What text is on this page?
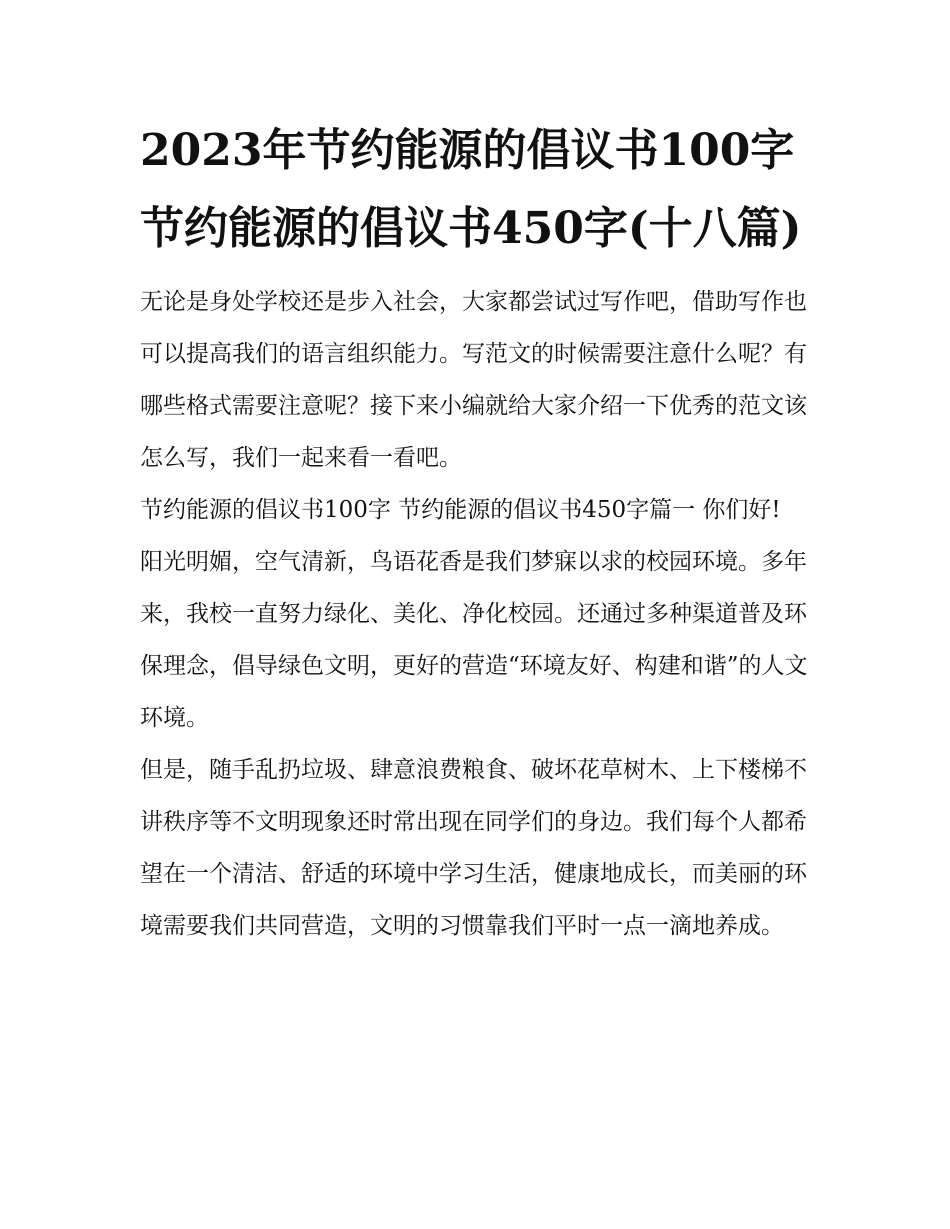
2023年节约能源的倡议书100字 节约能源的倡议书450字(十八篇)

无论是身处学校还是步入社会，大家都尝试过写作吧，借助写作也可以提高我们的语言组织能力。写范文的时候需要注意什么呢？有哪些格式需要注意呢？接下来小编就给大家介绍一下优秀的范文该怎么写，我们一起来看一看吧。

节约能源的倡议书100字 节约能源的倡议书450字篇一 你们好!

阳光明媚，空气清新，鸟语花香是我们梦寐以求的校园环境。多年来，我校一直努力绿化、美化、净化校园。还通过多种渠道普及环保理念，倡导绿色文明，更好的营造“环境友好、构建和谐”的人文环境。

但是，随手乱扔垃圾、肆意浪费粮食、破坏花草树木、上下楼梯不讲秩序等不文明现象还时常出现在同学们的身边。我们每个人都希望在一个清洁、舒适的环境中学习生活，健康地成长，而美丽的环境需要我们共同营造，文明的习惯靠我们平时一点一滴地养成。
